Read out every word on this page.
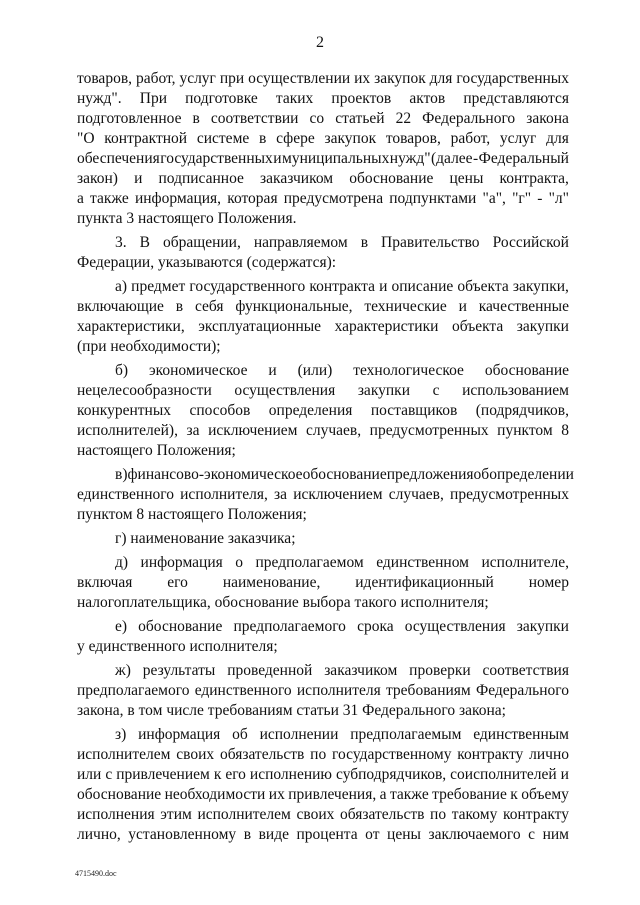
2
товаров, работ, услуг при осуществлении их закупок для государственных
нужд". При подготовке таких проектов актов представляются
подготовленное в соответствии со статьей 22 Федерального закона
"О контрактной системе в сфере закупок товаров, работ, услуг для
обеспечения государственных и муниципальных нужд" (далее - Федеральный
закон) и подписанное заказчиком обоснование цены контракта,
а также информация, которая предусмотрена подпунктами "а", "г" - "л"
пункта 3 настоящего Положения.
3. В обращении, направляемом в Правительство Российской
Федерации, указываются (содержатся):
а) предмет государственного контракта и описание объекта закупки,
включающие в себя функциональные, технические и качественные
характеристики, эксплуатационные характеристики объекта закупки
(при необходимости);
б) экономическое и (или) технологическое обоснование
нецелесообразности осуществления закупки с использованием
конкурентных способов определения поставщиков (подрядчиков,
исполнителей), за исключением случаев, предусмотренных пунктом 8
настоящего Положения;
в) финансово-экономическое обоснование предложения об определении
единственного исполнителя, за исключением случаев, предусмотренных
пунктом 8 настоящего Положения;
г) наименование заказчика;
д) информация о предполагаемом единственном исполнителе,
включая его наименование, идентификационный номер
налогоплательщика, обоснование выбора такого исполнителя;
е) обоснование предполагаемого срока осуществления закупки
у единственного исполнителя;
ж) результаты проведенной заказчиком проверки соответствия
предполагаемого единственного исполнителя требованиям Федерального
закона, в том числе требованиям статьи 31 Федерального закона;
з) информация об исполнении предполагаемым единственным
исполнителем своих обязательств по государственному контракту лично
или с привлечением к его исполнению субподрядчиков, соисполнителей и
обоснование необходимости их привлечения, а также требование к объему
исполнения этим исполнителем своих обязательств по такому контракту
лично, установленному в виде процента от цены заключаемого с ним
4715490.doc
